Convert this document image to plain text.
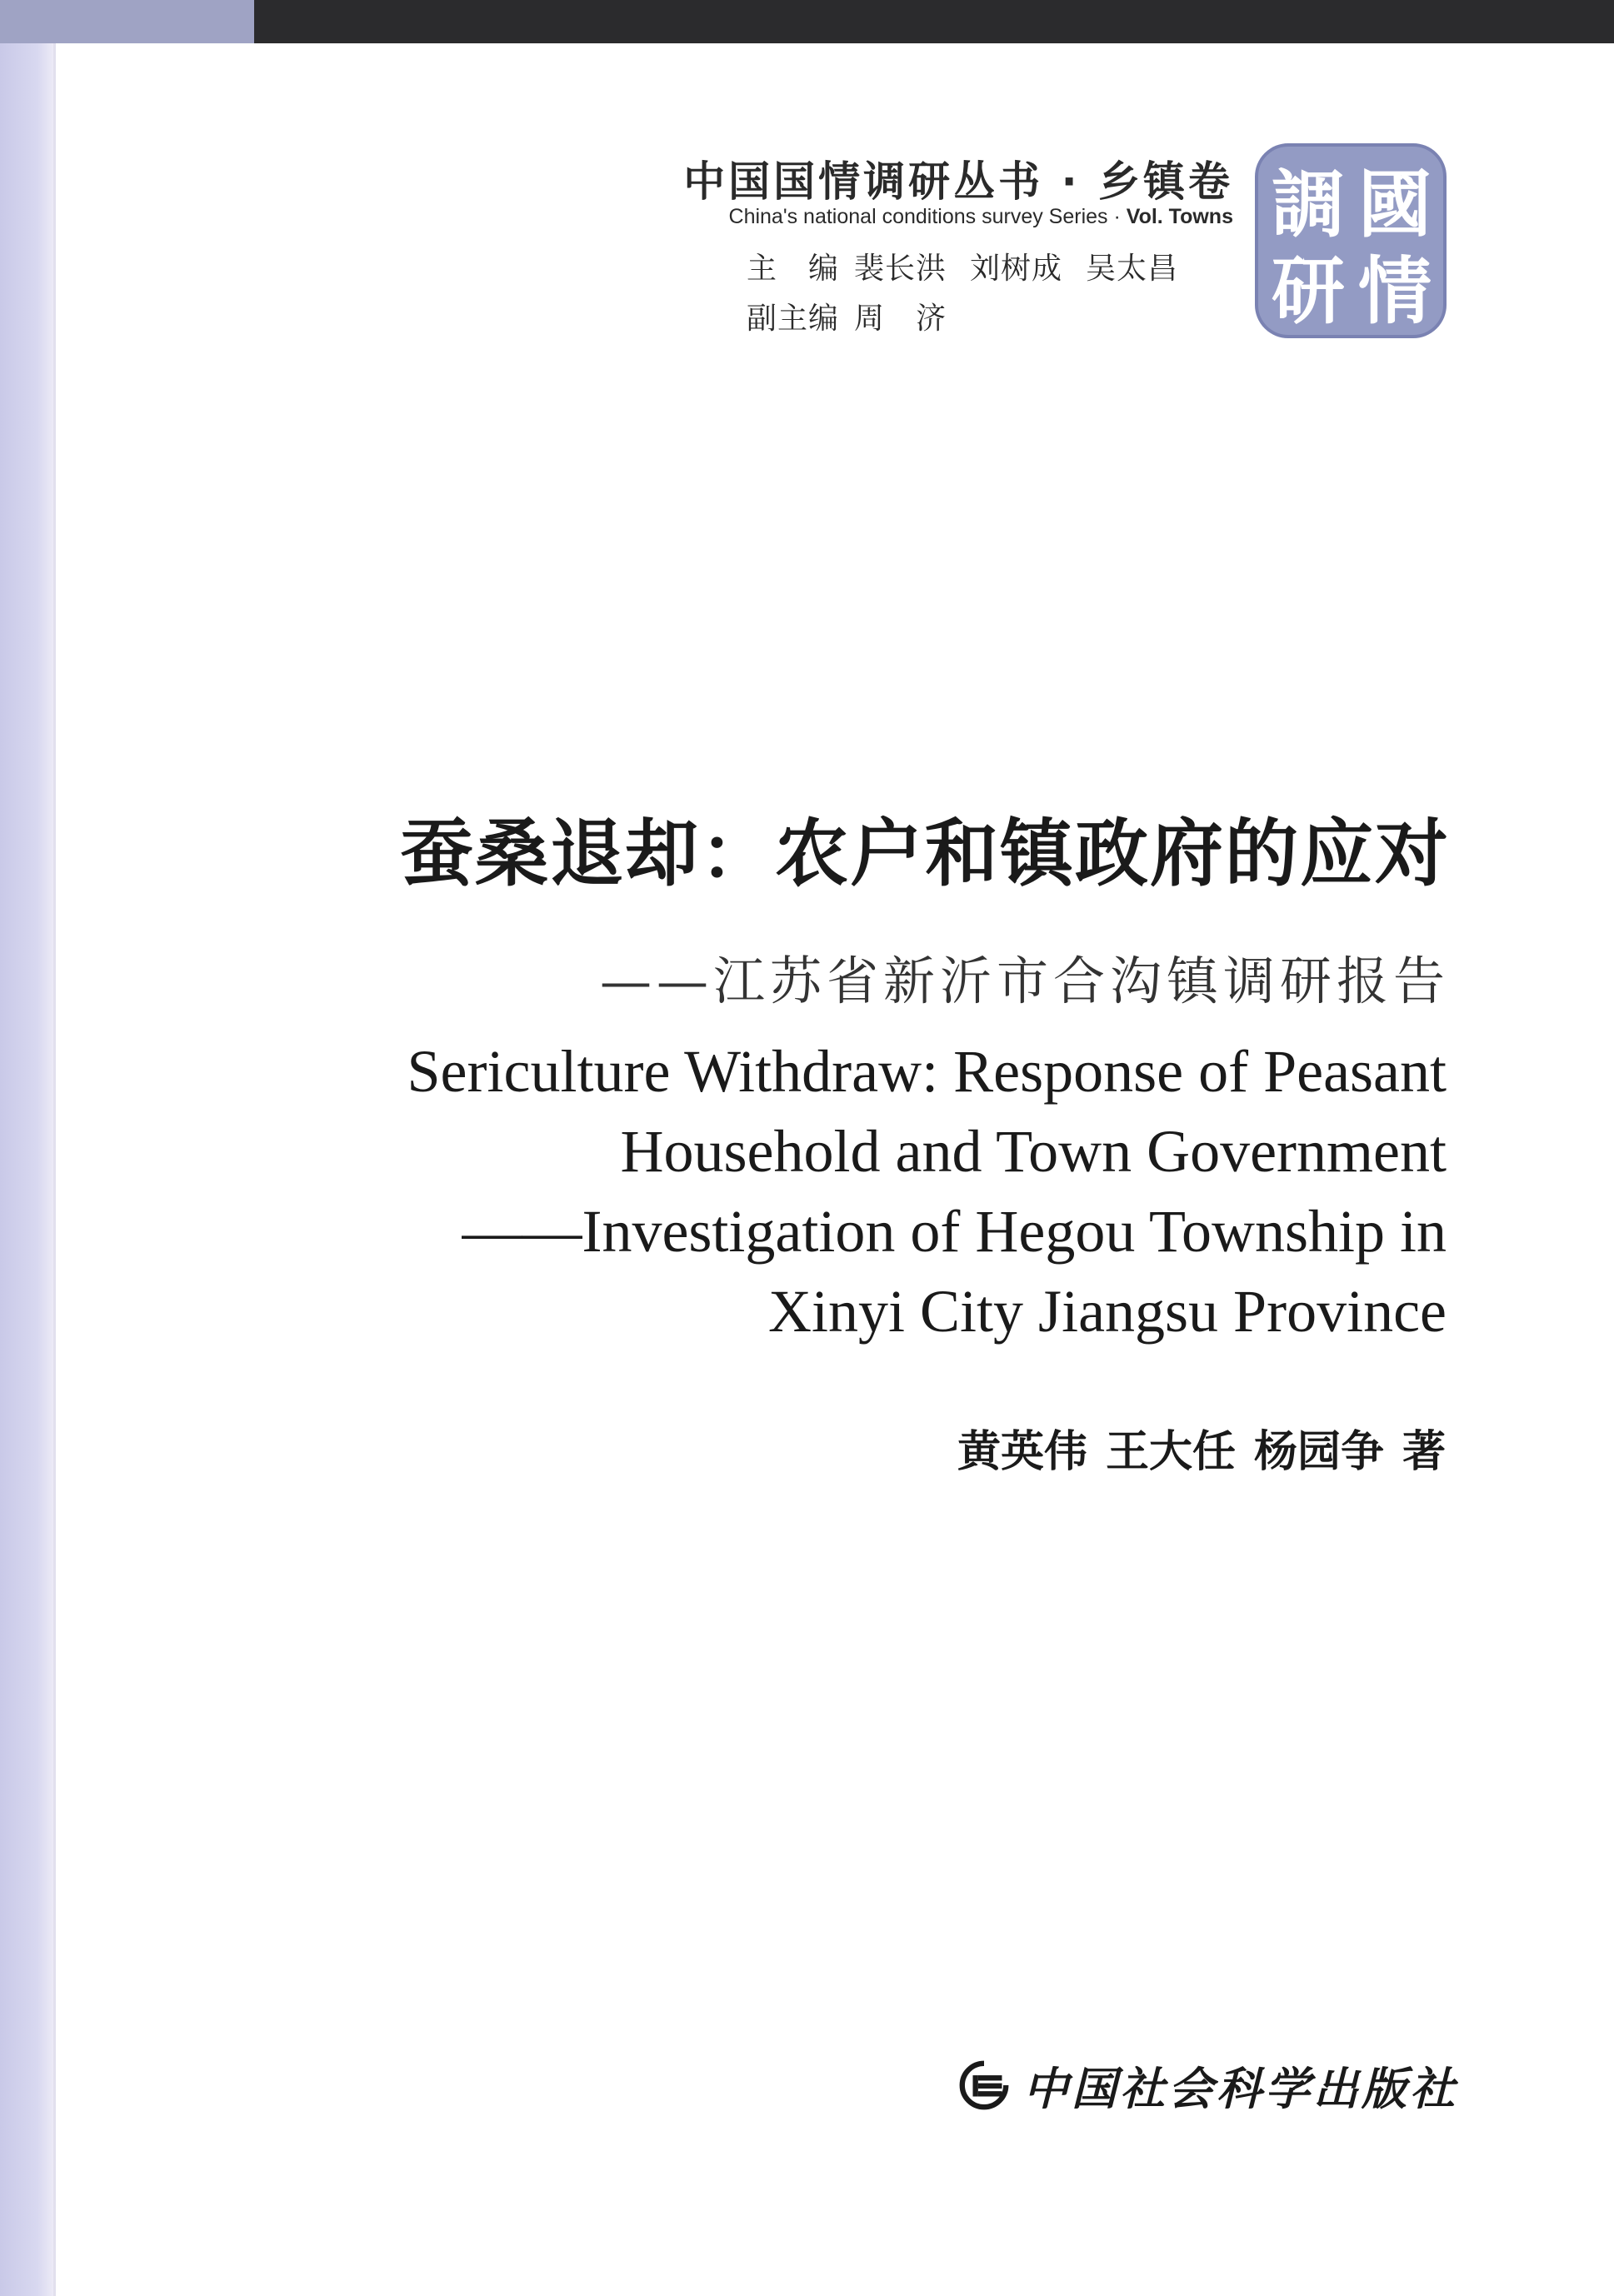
中国国情调研丛书 · 乡镇卷
China's national conditions survey Series · Vol. Towns
主　编 裴长洪 刘树成 吴太昌
副主编 周　济
國
情
調
研
蚕桑退却：农户和镇政府的应对
——江苏省新沂市合沟镇调研报告
Sericulture Withdraw: Response of Peasant
Household and Town Government
——Investigation of Hegou Township in
Xinyi City Jiangsu Province
黄英伟 王大任 杨园争 著
中国社会科学出版社
